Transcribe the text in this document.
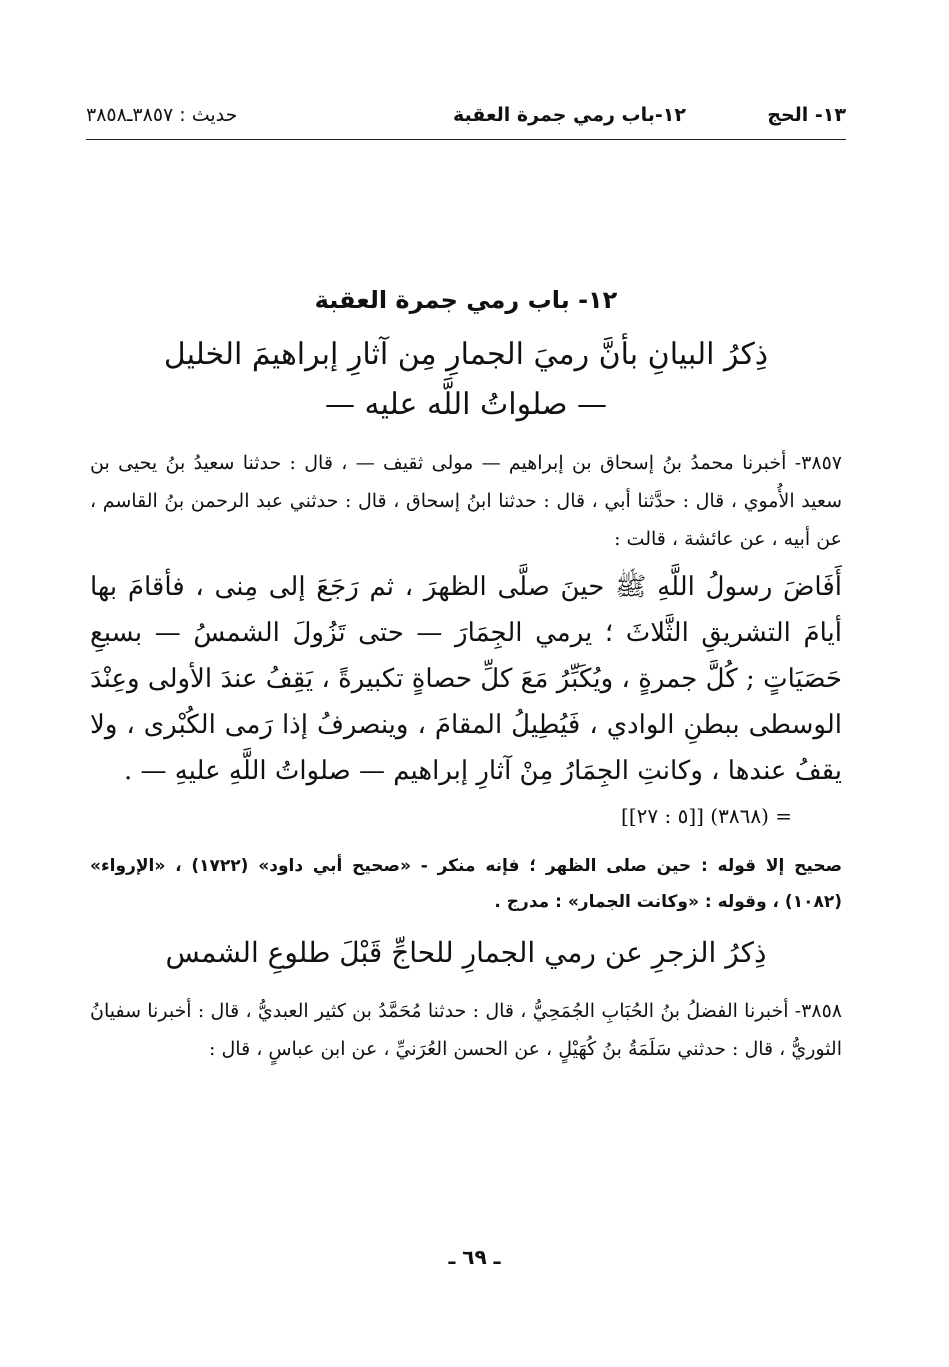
١٣- الحج
١٢-باب رمي جمرة العقبة
حديث : ٣٨٥٧ـ٣٨٥٨
١٢- باب رمي جمرة العقبة
ذِكرُ البيانِ بأنَّ رميَ الجمارِ مِن آثارِ إبراهيمَ الخليل
— صلواتُ اللَّه عليه —

٣٨٥٧- أخبرنا محمدُ بنُ إسحاق بن إبراهيم — مولى ثقيف — ، قال : حدثنا سعيدُ بنُ يحيى بن سعيد الأُموي ، قال : حدَّثنا أبي ، قال : حدثنا ابنُ إسحاق ، قال : حدثني عبد الرحمن بنُ القاسم ، عن أبيه ، عن عائشة ، قالت :

أَفَاضَ رسولُ اللَّهِ ﷺ حينَ صلَّى الظهرَ ، ثم رَجَعَ إلى مِنى ، فأقامَ بها أيامَ التشريقِ الثَّلاثَ ؛ يرمي الجِمَارَ — حتى تَزُولَ الشمسُ — بسبعِ حَصَيَاتٍ ; كُلَّ جمرةٍ ، ويُكَبِّرُ مَعَ كلِّ حصاةٍ تكبيرةً ، يَقِفُ عندَ الأولى وعِنْدَ الوسطى ببطنِ الوادي ، فَيُطِيلُ المقامَ ، وينصرفُ إذا رَمى الكُبْرى ، ولا يقفُ عندها ، وكانتِ الجِمَارُ مِنْ آثارِ إبراهيم — صلواتُ اللَّهِ عليهِ — .

= (٣٨٦٨) [[٥ : ٢٧]]

صحيح إلا قوله : حين صلى الظهر ؛ فإنه منكر - «صحيح أبي داود» (١٧٢٢) ، «الإرواء» (١٠٨٢) ، وقوله : «وكانت الجمار» : مدرج .

ذِكرُ الزجرِ عن رمي الجمارِ للحاجِّ قَبْلَ طلوعِ الشمس

٣٨٥٨- أخبرنا الفضلُ بنُ الحُبَابِ الجُمَحِيُّ ، قال : حدثنا مُحَمَّدُ بن كثير العبديُّ ، قال : أخبرنا سفيانُ الثوريُّ ، قال : حدثني سَلَمَةُ بنُ كُهَيْلٍ ، عن الحسن العُرَنيِّ ، عن ابن عباسٍ ، قال :

ـ ٦٩ ـ
